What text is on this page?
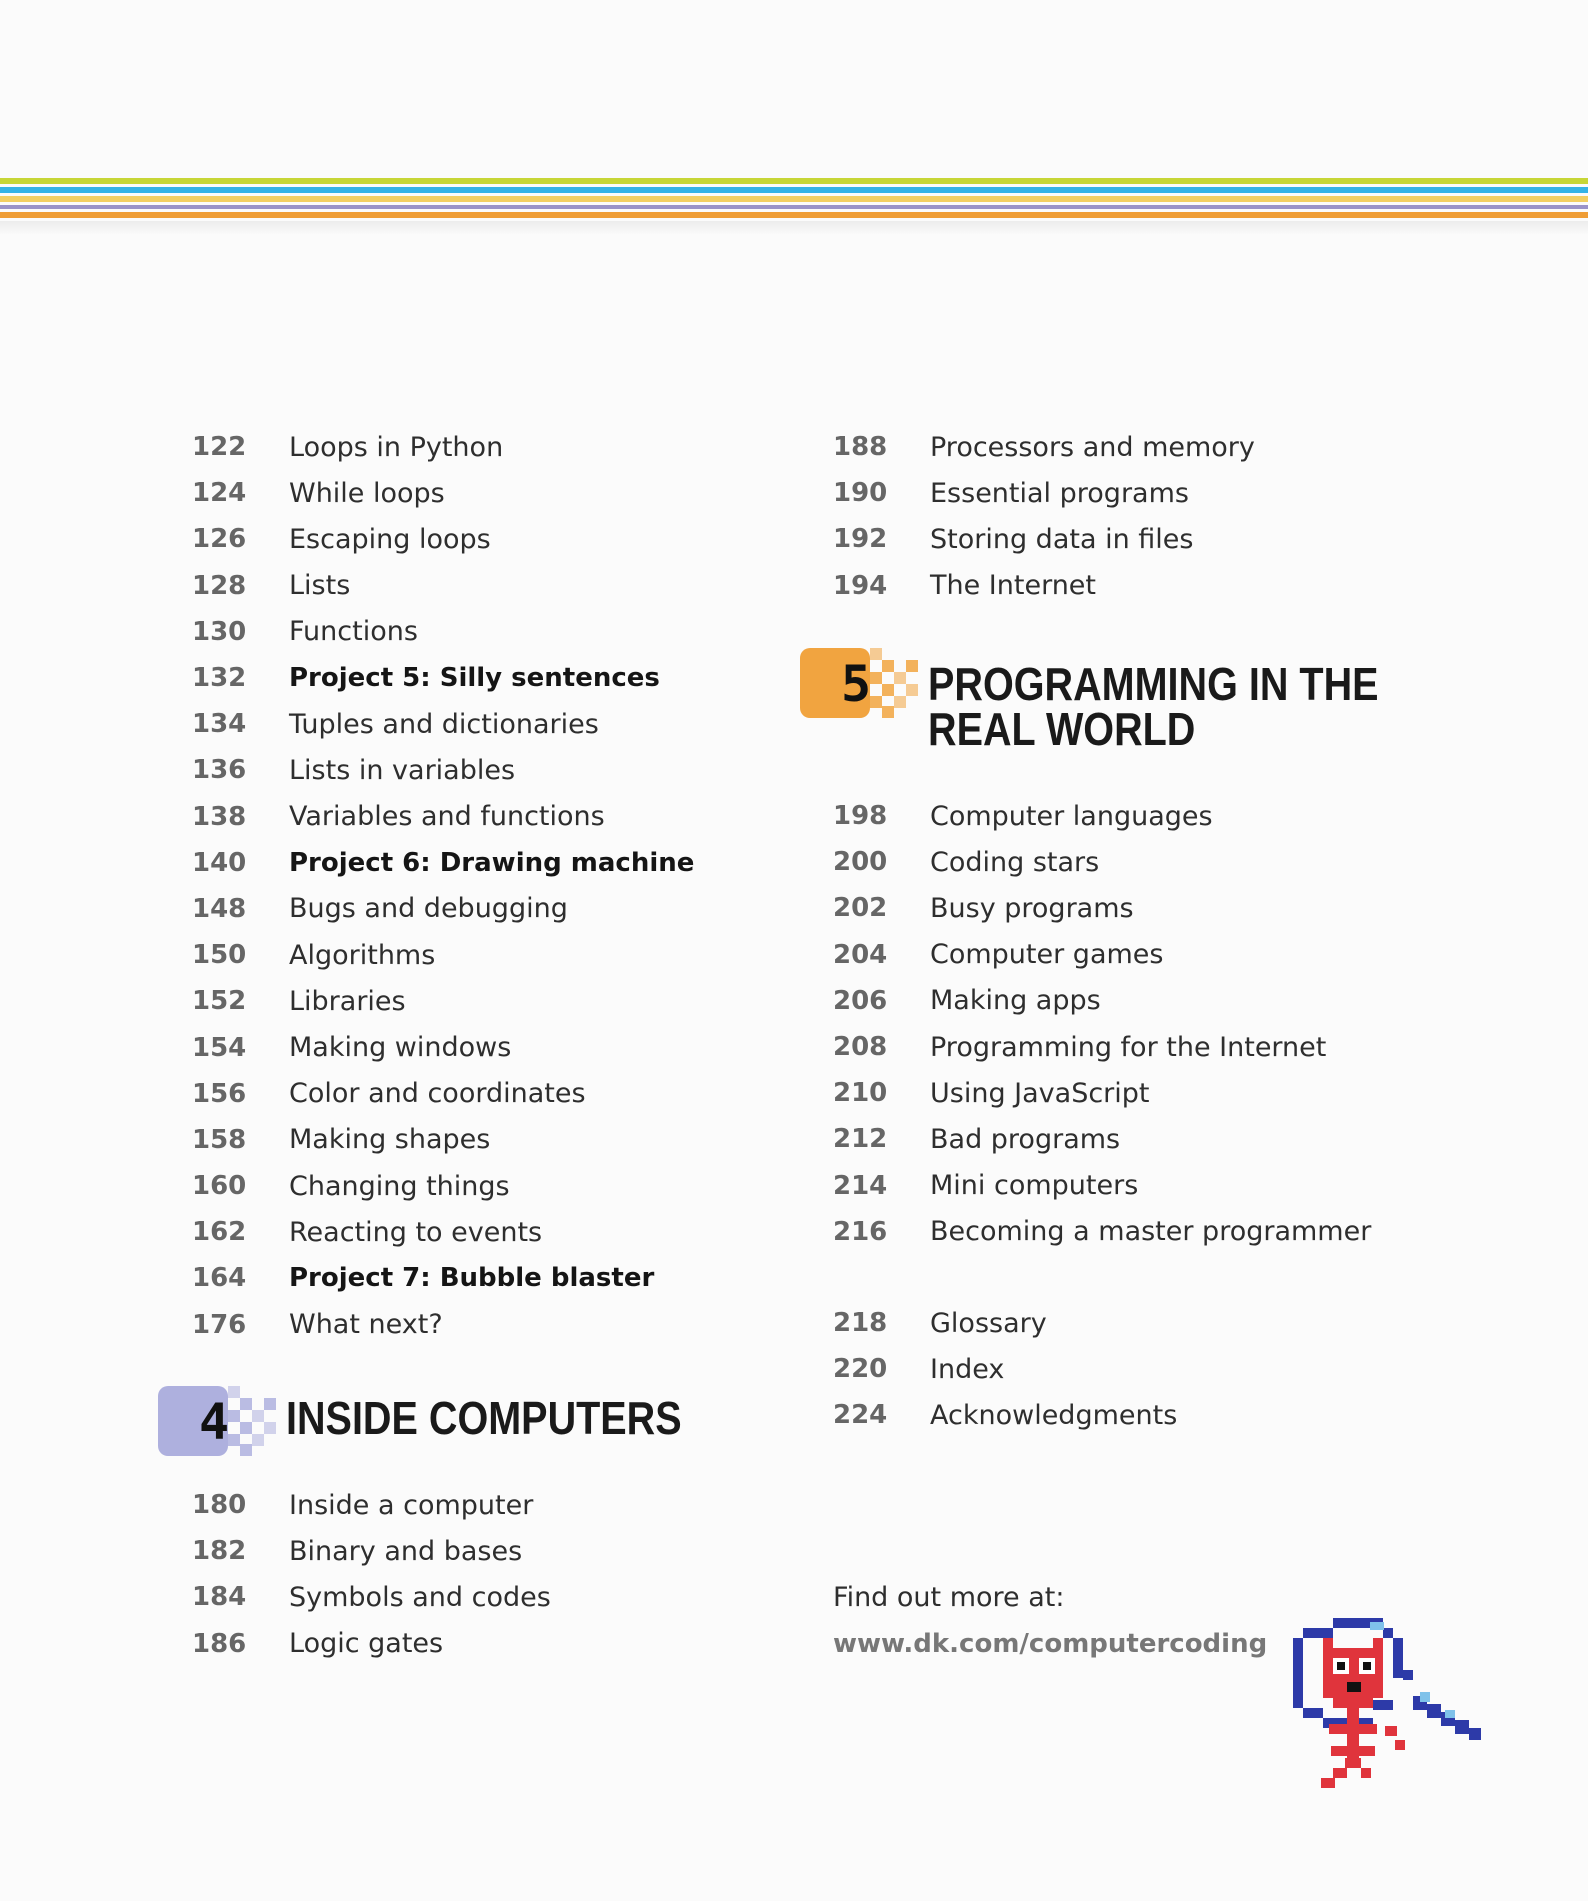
122	Loops in Python
124	While loops
126	Escaping loops
128	Lists
130	Functions
132	Project 5: Silly sentences
134	Tuples and dictionaries
136	Lists in variables
138	Variables and functions
140	Project 6: Drawing machine
148	Bugs and debugging
150	Algorithms
152	Libraries
154	Making windows
156	Color and coordinates
158	Making shapes
160	Changing things
162	Reacting to events
164	Project 7: Bubble blaster
176	What next?
4 INSIDE COMPUTERS
180	Inside a computer
182	Binary and bases
184	Symbols and codes
186	Logic gates
188	Processors and memory
190	Essential programs
192	Storing data in files
194	The Internet
5 PROGRAMMING IN THE
REAL WORLD
198	Computer languages
200	Coding stars
202	Busy programs
204	Computer games
206	Making apps
208	Programming for the Internet
210	Using JavaScript
212	Bad programs
214	Mini computers
216	Becoming a master programmer
218	Glossary
220	Index
224	Acknowledgments
Find out more at:
www.dk.com/computercoding
